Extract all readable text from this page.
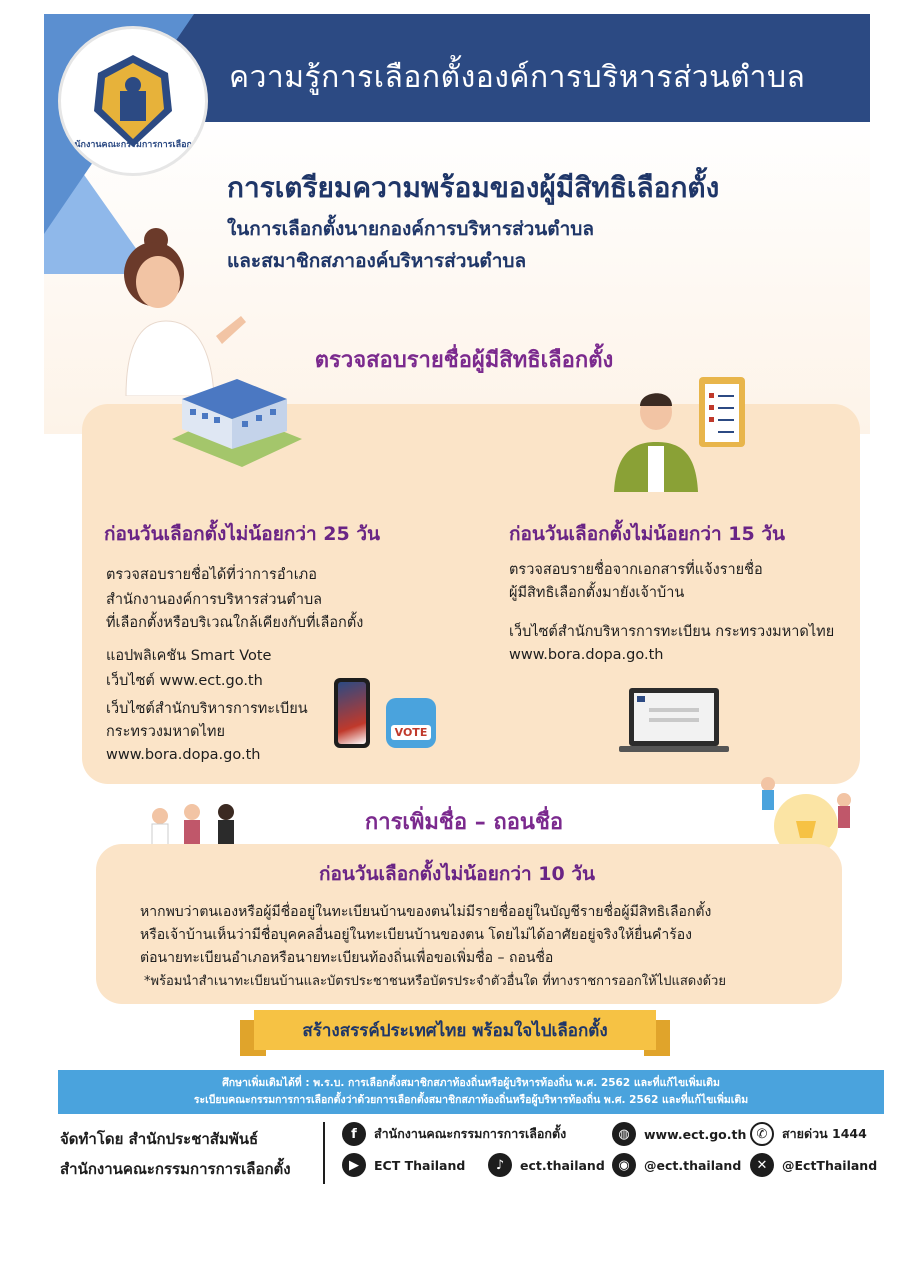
ความรู้การเลือกตั้งองค์การบริหารส่วนตำบล
สำนักงานคณะกรรมการการเลือกตั้ง
การเตรียมความพร้อมของผู้มีสิทธิเลือกตั้ง
ในการเลือกตั้งนายกองค์การบริหารส่วนตำบล
และสมาชิกสภาองค์บริหารส่วนตำบล
ตรวจสอบรายชื่อผู้มีสิทธิเลือกตั้ง
ก่อนวันเลือกตั้งไม่น้อยกว่า 25 วัน
ตรวจสอบรายชื่อได้ที่ว่าการอำเภอ
สำนักงานองค์การบริหารส่วนตำบล
ที่เลือกตั้งหรือบริเวณใกล้เคียงกับที่เลือกตั้ง
แอปพลิเคชัน Smart Vote
เว็บไซต์ www.ect.go.th
เว็บไซต์สำนักบริหารการทะเบียน
กระทรวงมหาดไทย
www.bora.dopa.go.th
VOTE
ก่อนวันเลือกตั้งไม่น้อยกว่า 15 วัน
ตรวจสอบรายชื่อจากเอกสารที่แจ้งรายชื่อ
ผู้มีสิทธิเลือกตั้งมายังเจ้าบ้าน
เว็บไซต์สำนักบริหารการทะเบียน กระทรวงมหาดไทย
www.bora.dopa.go.th
การเพิ่มชื่อ – ถอนชื่อ
ก่อนวันเลือกตั้งไม่น้อยกว่า 10 วัน
หากพบว่าตนเองหรือผู้มีชื่ออยู่ในทะเบียนบ้านของตนไม่มีรายชื่ออยู่ในบัญชีรายชื่อผู้มีสิทธิเลือกตั้ง
หรือเจ้าบ้านเห็นว่ามีชื่อบุคคลอื่นอยู่ในทะเบียนบ้านของตน โดยไม่ได้อาศัยอยู่จริงให้ยื่นคำร้อง
ต่อนายทะเบียนอำเภอหรือนายทะเบียนท้องถิ่นเพื่อขอเพิ่มชื่อ – ถอนชื่อ
*พร้อมนำสำเนาทะเบียนบ้านและบัตรประชาชนหรือบัตรประจำตัวอื่นใด ที่ทางราชการออกให้ไปแสดงด้วย
สร้างสรรค์ประเทศไทย พร้อมใจไปเลือกตั้ง
ศึกษาเพิ่มเติมได้ที่ : พ.ร.บ. การเลือกตั้งสมาชิกสภาท้องถิ่นหรือผู้บริหารท้องถิ่น พ.ศ. 2562 และที่แก้ไขเพิ่มเติม
ระเบียบคณะกรรมการการเลือกตั้งว่าด้วยการเลือกตั้งสมาชิกสภาท้องถิ่นหรือผู้บริหารท้องถิ่น พ.ศ. 2562 และที่แก้ไขเพิ่มเติม
จัดทำโดย สำนักประชาสัมพันธ์
สำนักงานคณะกรรมการการเลือกตั้ง
f	สำนักงานคณะกรรมการการเลือกตั้ง	◍	www.ect.go.th ✆	สายด่วน 1444
▶	ECT Thailand	♪	ect.thailand	◉	@ect.thailand	✕	@EctThailand
